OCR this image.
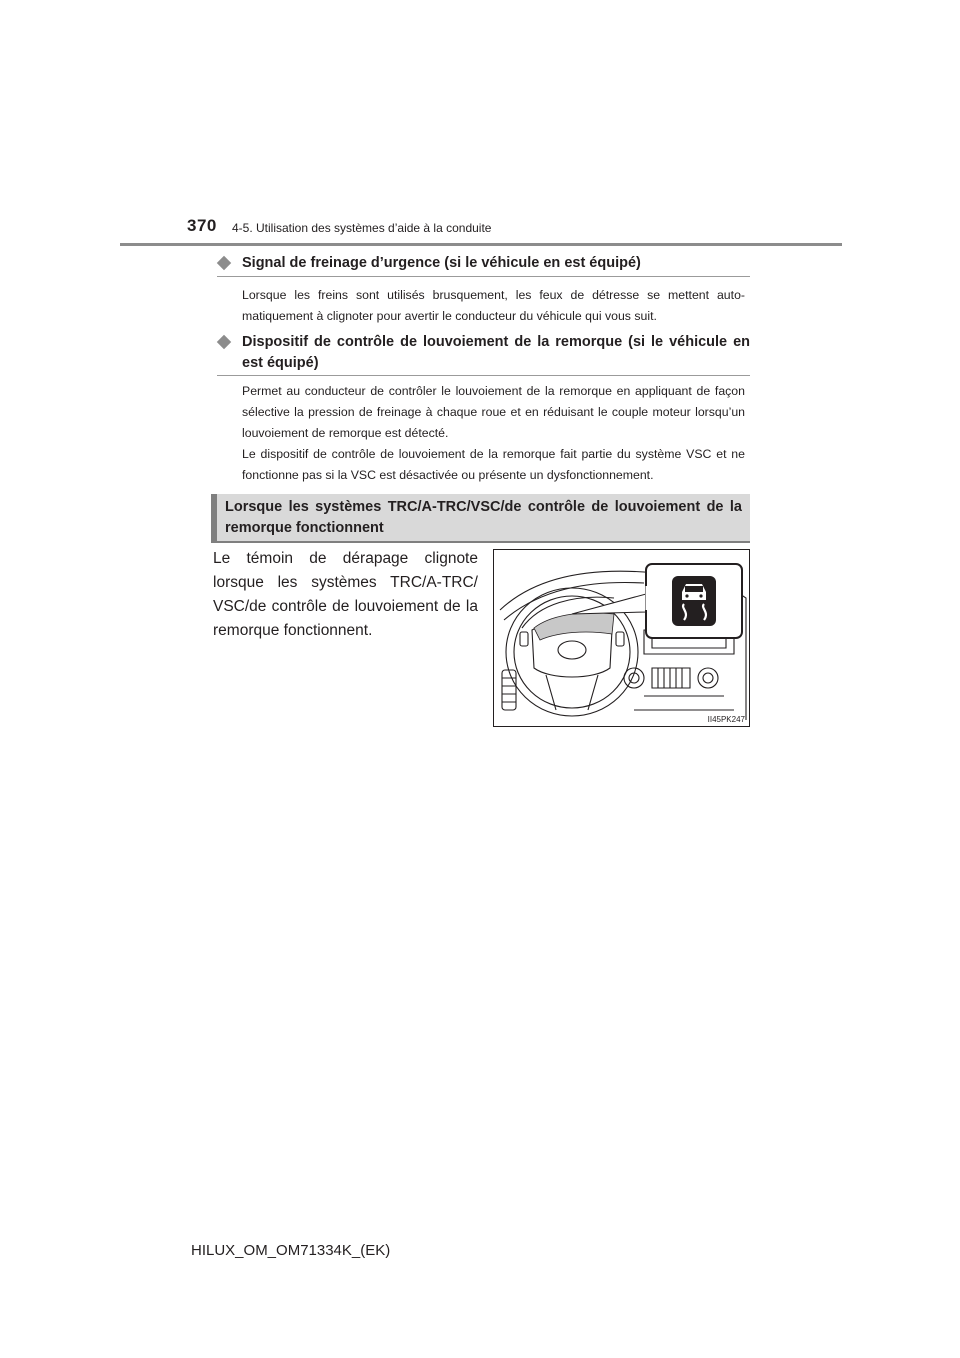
370 4-5. Utilisation des systèmes d’aide à la conduite
Signal de freinage d’urgence (si le véhicule en est équipé)
Lorsque les freins sont utilisés brusquement, les feux de détresse se mettent auto-matiquement à clignoter pour avertir le conducteur du véhicule qui vous suit.
Dispositif de contrôle de louvoiement de la remorque (si le véhicule en est équipé)
Permet au conducteur de contrôler le louvoiement de la remorque en appliquant de façon sélective la pression de freinage à chaque roue et en réduisant le couple moteur lorsqu’un louvoiement de remorque est détecté.
Le dispositif de contrôle de louvoiement de la remorque fait partie du système VSC et ne fonctionne pas si la VSC est désactivée ou présente un dysfonctionnement.
Lorsque les systèmes TRC/A-TRC/VSC/de contrôle de louvoiement de la remorque fonctionnent
Le témoin de dérapage clignote lorsque les systèmes TRC/A-TRC/ VSC/de contrôle de louvoiement de la remorque fonctionnent.
II45PK247
HILUX_OM_OM71334K_(EK)
